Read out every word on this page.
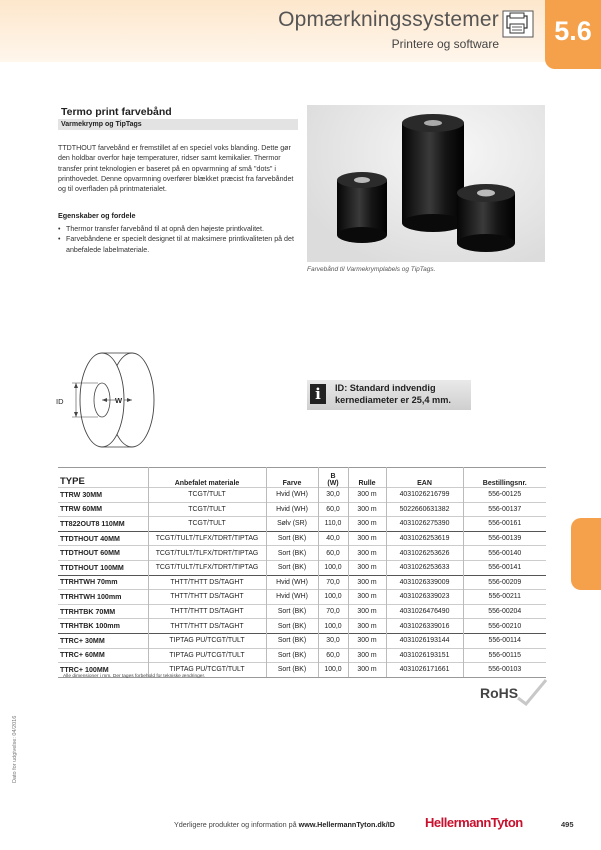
Opmærkningssystemer
Printere og software	5.6
Termo print farvebånd
Varmekrymp og TipTags
TTDTHOUT farvebånd er fremstillet af en speciel voks blanding. Dette gør den holdbar overfor høje temperaturer, ridser samt kemikalier. Thermor transfer print teknologien er baseret på en opvarmning af små "dots" i printhovedet. Denne opvarmning overfører blækket præcist fra farvebåndet og til overfladen på printmaterialet.
Egenskaber og fordele
• Thermor transfer farvebånd til at opnå den højeste printkvalitet.
• Farvebåndene er specielt designet til at maksimere printkvaliteten på det anbefalede labelmateriale.
Farvebånd til Varmekrymplabels og TipTags.
ID	W	i	ID: Standard indvendig kernediameter er 25,4 mm.
TYPE	Anbefalet materiale	Farve	B
(W)	Rulle	EAN	Bestillingsnr.
TTRW 30MM	TCGT/TULT	Hvid (WH)	30,0	300 m	4031026216799	556-00125
TTRW 60MM	TCGT/TULT	Hvid (WH)	60,0	300 m	5022660631382	556-00137
TT822OUT8 110MM	TCGT/TULT	Sølv (SR)	110,0	300 m	4031026275390	556-00161
TTDTHOUT 40MM	TCGT/TULT/TLFX/TDRT/TIPTAG	Sort (BK)	40,0	300 m	4031026253619	556-00139
TTDTHOUT 60MM	TCGT/TULT/TLFX/TDRT/TIPTAG	Sort (BK)	60,0	300 m	4031026253626	556-00140
TTDTHOUT 100MM	TCGT/TULT/TLFX/TDRT/TIPTAG	Sort (BK)	100,0	300 m	4031026253633	556-00141
TTRHTWH 70mm	THTT/THTT DS/TAGHT	Hvid (WH)	70,0	300 m	4031026339009	556-00209
TTRHTWH 100mm	THTT/THTT DS/TAGHT	Hvid (WH)	100,0	300 m	4031026339023	556-00211
TTRHTBK 70MM	THTT/THTT DS/TAGHT	Sort (BK)	70,0	300 m	4031026476490	556-00204
TTRHTBK 100mm	THTT/THTT DS/TAGHT	Sort (BK)	100,0	300 m	4031026339016	556-00210
TTRC+ 30MM	TIPTAG PU/TCGT/TULT	Sort (BK)	30,0	300 m	4031026193144	556-00114
TTRC+ 60MM	TIPTAG PU/TCGT/TULT	Sort (BK)	60,0	300 m	4031026193151	556-00115
TTRC+ 100MM	TIPTAG PU/TCGT/TULT	Sort (BK)	100,0	300 m	4031026171661	556-00103
Alle dimensioner i mm. Der tages forbehold for tekniske ændringer.
RoHS
Dato for udgivelse: 04/2016
Yderligere produkter og information på www.HellermannTyton.dk/ID HellermannTyton	495
